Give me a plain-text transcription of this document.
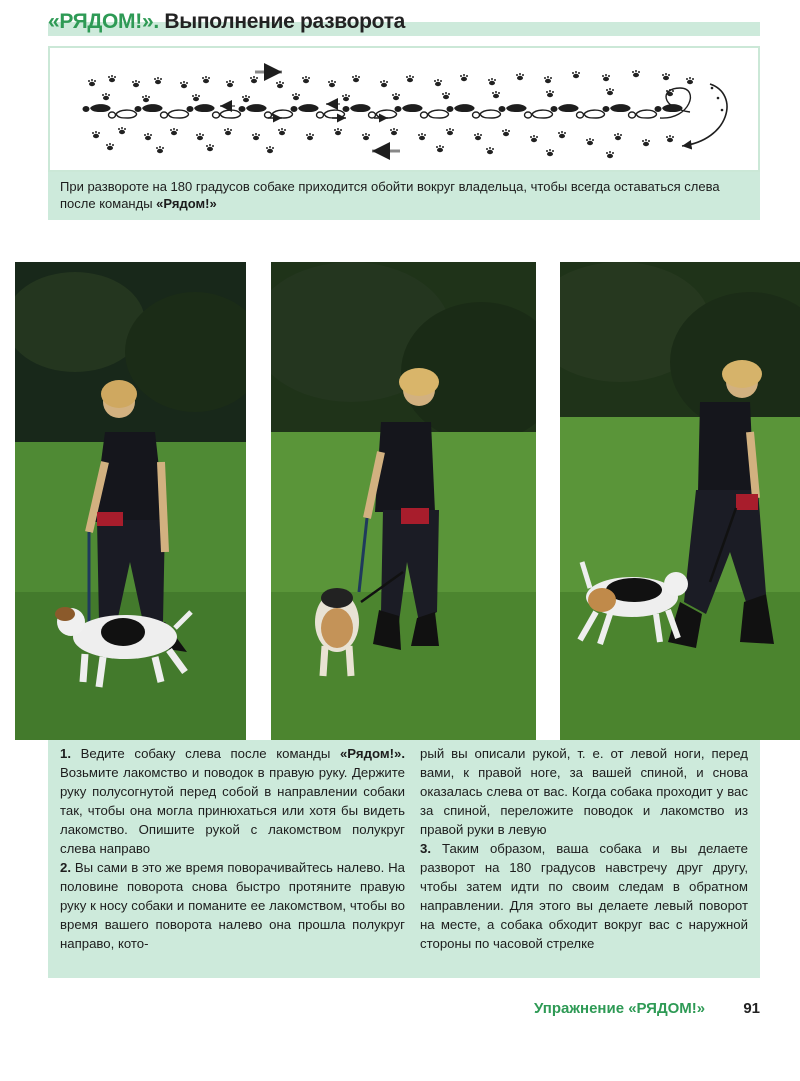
«РЯДОМ!». Выполнение разворота
При развороте на 180 градусов собаке приходится обойти вокруг владельца, чтобы всегда оставаться слева после команды «Рядом!»

1. Ведите собаку слева после команды «Рядом!». Возьмите лакомство и поводок в правую руку. Держите руку полусогнутой перед собой в направлении собаки так, чтобы она могла принюхаться или хотя бы видеть лакомство. Опишите рукой с лакомством полукруг слева направо

2. Вы сами в это же время поворачивайтесь налево. На половине поворота снова быстро протяните правую руку к носу собаки и поманите ее лакомством, чтобы во время вашего поворота налево она прошла полукруг направо, кото-

рый вы описали рукой, т. е. от левой ноги, перед вами, к правой ноге, за вашей спиной, и снова оказалась слева от вас. Когда собака проходит у вас за спиной, переложите поводок и лакомство из правой руки в левую

3. Таким образом, ваша собака и вы делаете разворот на 180 градусов навстречу друг другу, чтобы затем идти по своим следам в обратном направлении. Для этого вы делаете левый поворот на месте, а собака обходит вокруг вас с наружной стороны по часовой стрелке

Упражнение «РЯДОМ!»	91
